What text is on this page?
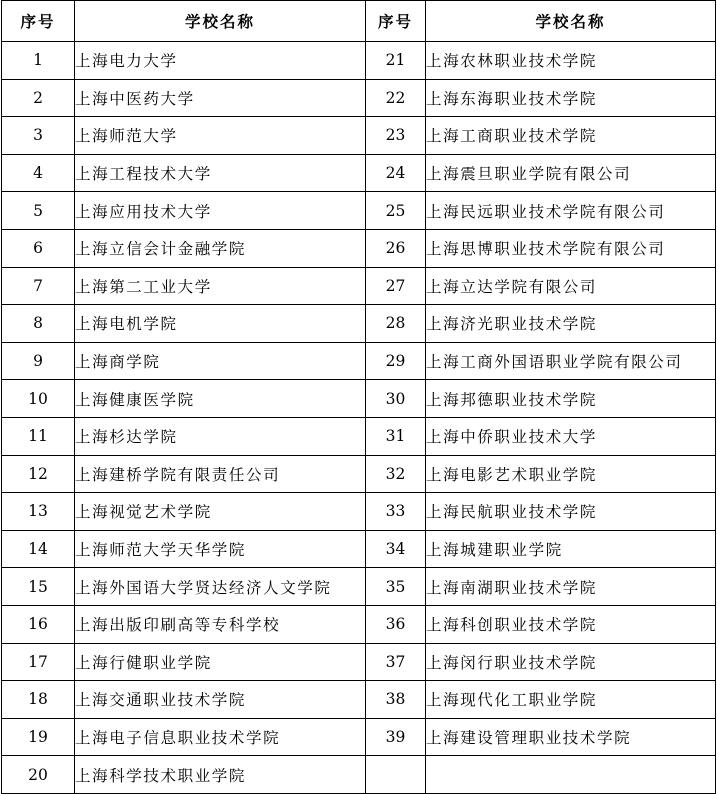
序号	学校名称	序号	学校名称
1	上海电力大学	21	上海农林职业技术学院
2	上海中医药大学	22	上海东海职业技术学院
3	上海师范大学	23	上海工商职业技术学院
4	上海工程技术大学	24	上海震旦职业学院有限公司
5	上海应用技术大学	25	上海民远职业技术学院有限公司
6	上海立信会计金融学院	26	上海思博职业技术学院有限公司
7	上海第二工业大学	27	上海立达学院有限公司
8	上海电机学院	28	上海济光职业技术学院
9	上海商学院	29	上海工商外国语职业学院有限公司
10	上海健康医学院	30	上海邦德职业技术学院
11	上海杉达学院	31	上海中侨职业技术大学
12	上海建桥学院有限责任公司	32	上海电影艺术职业学院
13	上海视觉艺术学院	33	上海民航职业技术学院
14	上海师范大学天华学院	34	上海城建职业学院
15	上海外国语大学贤达经济人文学院	35	上海南湖职业技术学院
16	上海出版印刷高等专科学校	36	上海科创职业技术学院
17	上海行健职业学院	37	上海闵行职业技术学院
18	上海交通职业技术学院	38	上海现代化工职业学院
19	上海电子信息职业技术学院	39	上海建设管理职业技术学院
20	上海科学技术职业学院		
